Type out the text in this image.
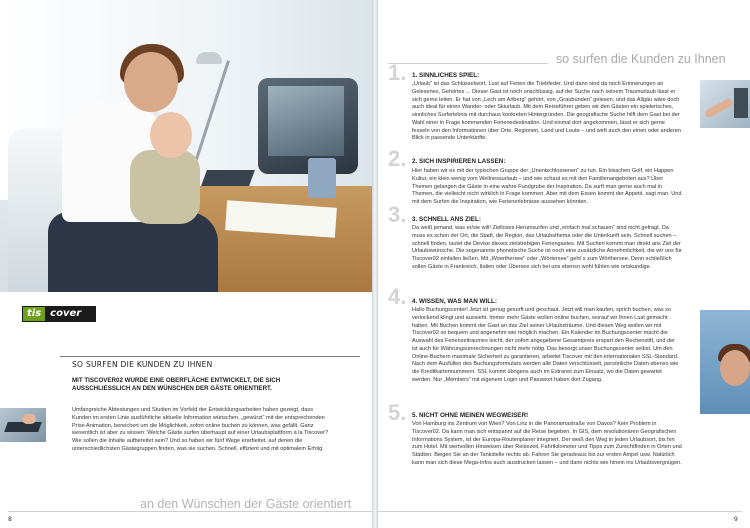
tis cover
SO SURFEN DIE KUNDEN ZU IHNEN
MIT TISCOVER02 WURDE EINE OBERFLÄCHE ENTWICKELT, DIE SICH AUSSCHLIESSLICH AN DEN WÜNSCHEN DER GÄSTE ORIENTIERT.
Umfangreiche Abtestungen und Studien im Vorfeld der Entwicklungsarbeiten haben gezeigt, dass Kunden im ersten Linie ausführliche aktuelle Information wünschen, „gewürzt“ mit der entsprechenden Prise Animation, bereichert um die Möglichkeit, sofort online buchen zu können, was gefällt. Ganz wesentlich ist aber zu wissen: Welche Gäste surfen überhaupt auf einer Urlaubsplattform à la Tiscover? Wie sollen die Inhalte aufbereitet sein? Und so haben wir fünf Wege erarbeitet, auf denen die unterschiedlichsten Gästegruppen finden, was sie suchen. Schnell, effizient und mit optimalem Erfolg.
an den Wünschen der Gäste orientiert
8
so surfen die Kunden zu Ihnen
1. 1. SINNLICHES SPIEL:
„Urlaub“ ist das Schlüsselwort. Lust auf Ferien die Triebfeder. Und dann sind da noch Erinnerungen an Gelesenes, Gehörtes ... Dieser Gast ist noch unschlüssig, auf der Suche nach seinem Traumurlaub lässt er sich gerne leiten. Er hat von „Lech am Arlberg“ gehört, von „Graubünden“ gelesen, und das Allgäu wäre doch auch ideal für einen Wander- oder Skiurlaub. Mit dem Reiseführer geben wir den Gästen ein spielerisches, sinnliches Surferlebnis mit durchaus konkreten Hintergründen. Die geografische Suche hilft dem Gast bei der Wahl einer in Frage kommenden Ferienedestination. Und einmal dort angekommen, lässt er sich gerne fesseln von den Informationen über Orte, Regionen, Land und Leute – und wirft auch den einen oder anderen Blick in passende Unterkünfte.
2. 2. SICH INSPIRIEREN LASSEN:
Hier haben wir es mit der typischen Gruppe der „Unentschlossenen“ zu tun. Ein bisschen Golf, ein Happen Kultur, ein klein wenig vom Wellnessurlaub – und wie schaut es mit den Familienangeboten aus? Über Themen gelangen die Gäste in eine wahre Fundgrube der Inspiration. Da surft man gerne auch mal in Themen, die vielleicht nicht wirklich in Frage kommen. Aber mit dem Essen kommt der Appetit, sagt man. Und mit dem Surfen die Inspiration, wie Ferienerlebnisse aussehen könnten.
3. 3. SCHNELL ANS ZIEL:
Da weiß jemand, was er/sie will! Zielloses Herumsurfen und „einfach mal schauen“ sind nicht gefragt. Da muss es schon der Ort, die Stadt, die Region, das Urlaubsthema oder die Unterkunft sein. Schnell suchen – schnell finden, lautet die Devise dieses zielstrebigen Feriengastes. Mit Suchen kommt man direkt ans Ziel der Urlaubswünsche. Die sogenannte phonetische Suche ist noch eine zusätzliche Annehmlichkeit, die wir uns für Tiscover02 einfallen ließen. Mit „Woerthersee“ oder „Wörtersee“ geht´s zum Wörthersee. Denn schließlich sollen Gäste in Frankreich, Italien oder Übersee sich bei uns ebenso wohl fühlen wie ortskundige.
4. 4. WISSEN, WAS MAN WILL:
Hallo Buchungscenter! Jetzt ist genug gesurft und geschaut. Jetzt will man kaufen, sprich buchen, was so verlockend klingt und aussieht. Immer mehr Gäste wollen online buchen, worauf wir Ihnen Lust gemacht haben. Mit Buchen kommt der Gast an das Ziel seiner Urlaubsträume. Und diesen Weg wollen wir mit Tiscover02 so bequem und angenehm wie möglich machen. Ein Kalender im Buchungscenter macht die Auswahl des Ferienzeitraumes leicht, der sofort angegebene Gesamtpreis erspart den Rechenstift, und der ist auch für Währungsumrechnungen nicht mehr nötig. Das besorgt unser Buchungscenter selbst. Um den Online-Buchern maximale Sicherheit zu garantieren, arbeitet Tiscover mit den internationalen SSL-Standard. Nach dem Ausfüllen des Buchungsformulars werden alle Daten verschlüsselt, persönliche Daten ebenso wie die Kreditkartennummern. SSL kommt übrigens auch im Extranet zum Einsatz, wo die Daten gewartet werden. Nur „Members“ mit eigenem Login und Passwort haben dort Zugang.
5. 5. NICHT OHNE MEINEN WEGWEISER!
Von Hamburg ins Zentrum von Wien? Von Linz in die Panoramastraße von Davos? Kein Problem in Tiscover02. Da kann man sich entspannt auf die Reise begeben. In GIS, dem revolutionären Geografischen Informations System, ist der Europa-Routenplaner integriert. Der weiß den Weg in jeden Urlaubsort, bis hin zum Hotel. Mit wertvollen Hinweisen über Reisezeit, Fahrtkilometer und Tipps zum Zurechtfinden in Orten und Städten: Biegen Sie an der Tankstelle rechts ab. Fahren Sie geradeaus bis zur ersten Ampel usw. Natürlich kann man sich diese Mega-Infos auch ausdrucken lassen – und dann nichts wie hinein ins Urlaubsvergnügen.
9
